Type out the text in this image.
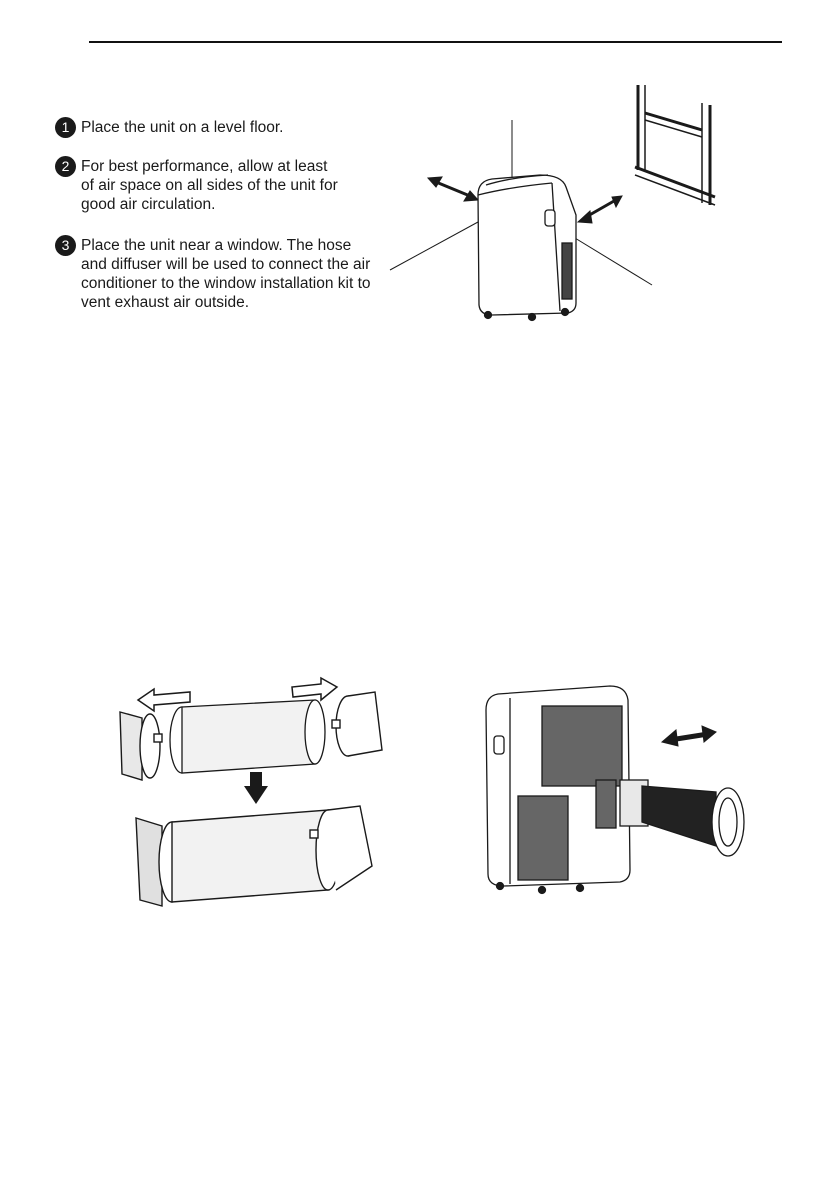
1 Place the unit on a level floor.
2 For best performance, allow at least
of air space on all sides of the unit for
good air circulation.
3 Place the unit near a window. The hose
and diffuser will be used to connect the air
conditioner to the window installation kit to
vent exhaust air outside.
